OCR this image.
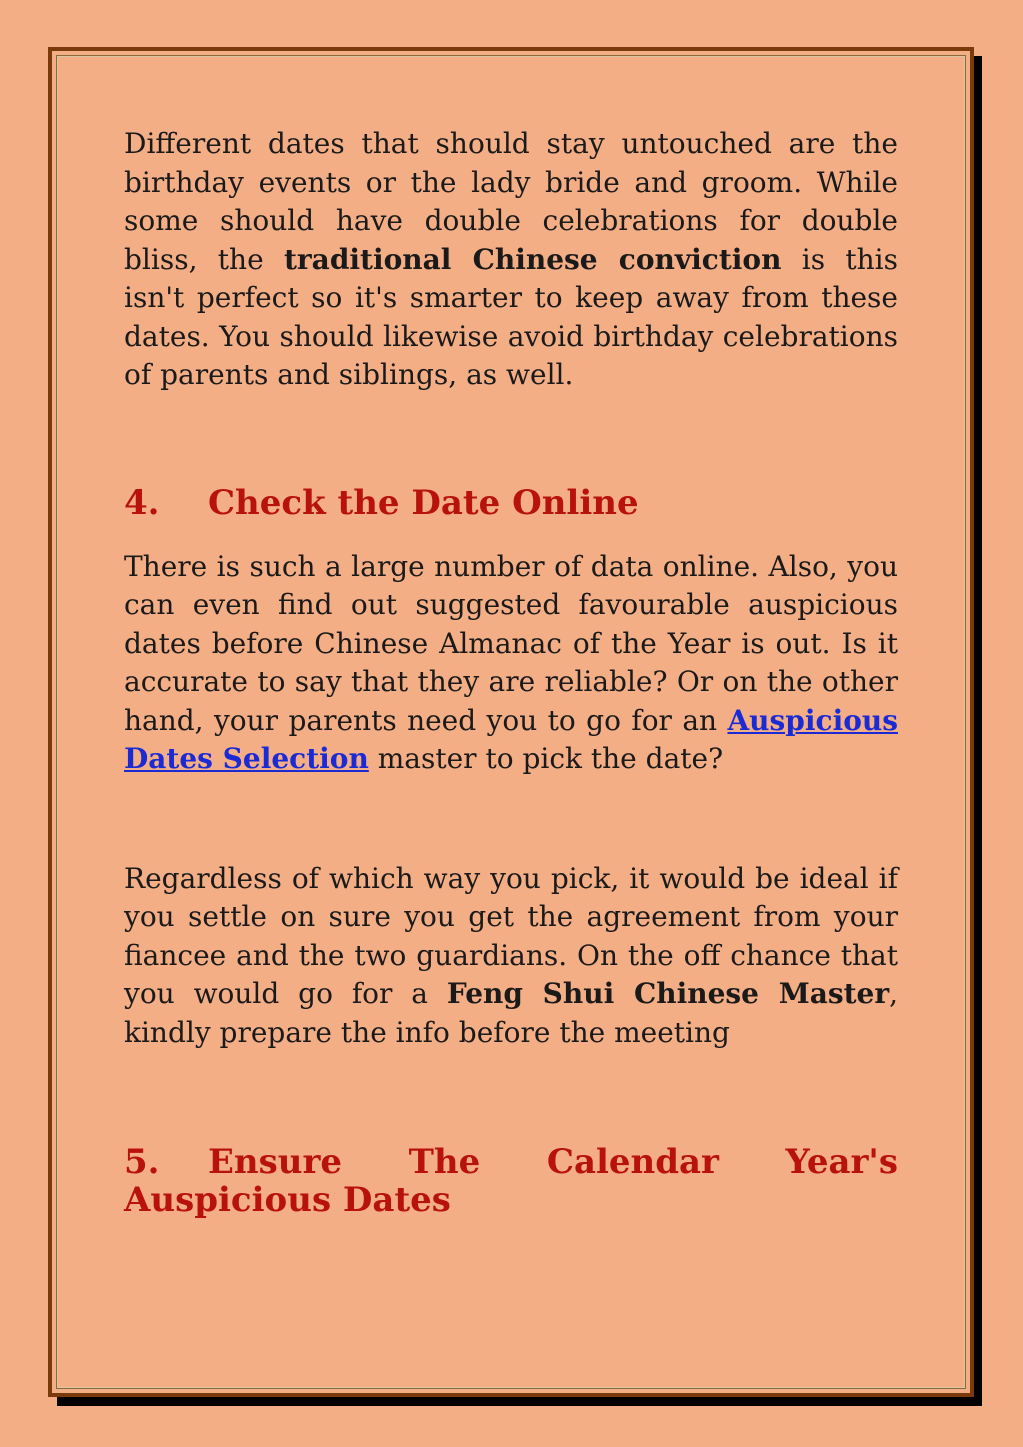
Different dates that should stay untouched are the birthday events or the lady bride and groom. While some should have double celebrations for double bliss, the traditional Chinese conviction is this isn't perfect so it's smarter to keep away from these dates. You should likewise avoid birthday celebrations of parents and siblings, as well.

4. Check the Date Online

There is such a large number of data online. Also, you can even find out suggested favourable auspicious dates before Chinese Almanac of the Year is out. Is it accurate to say that they are reliable? Or on the other hand, your parents need you to go for an Auspicious Dates Selection master to pick the date?

Regardless of which way you pick, it would be ideal if you settle on sure you get the agreement from your fiancee and the two guardians. On the off chance that you would go for a Feng Shui Chinese Master, kindly prepare the info before the meeting

5. Ensure The Calendar Year's Auspicious Dates
